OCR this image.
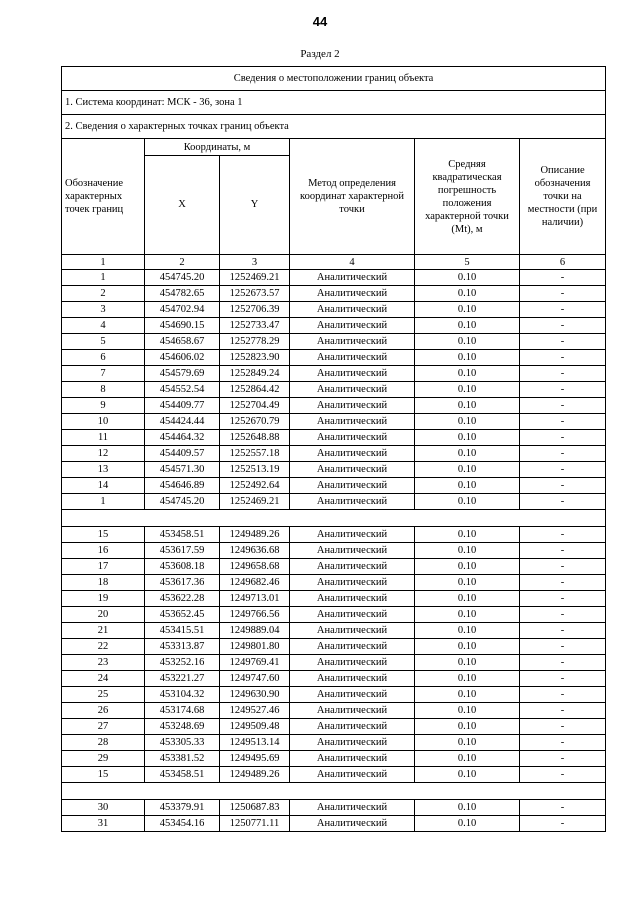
44
Раздел 2
Сведения о местоположении границ объекта					
1. Система координат: МСК - 36, зона 1					
2. Сведения о характерных точках границ объекта					
Обозначение характерных точек границ	Координаты, м		Метод определения координат характерной точки	Средняя квадратическая погрешность положения характерной точки (Mt), м	Описание обозначения точки на местности (при наличии)
	X	Y			
1	2	3	4	5	6
1	454745.20	1252469.21	Аналитический	0.10	-
2	454782.65	1252673.57	Аналитический	0.10	-
3	454702.94	1252706.39	Аналитический	0.10	-
4	454690.15	1252733.47	Аналитический	0.10	-
5	454658.67	1252778.29	Аналитический	0.10	-
6	454606.02	1252823.90	Аналитический	0.10	-
7	454579.69	1252849.24	Аналитический	0.10	-
8	454552.54	1252864.42	Аналитический	0.10	-
9	454409.77	1252704.49	Аналитический	0.10	-
10	454424.44	1252670.79	Аналитический	0.10	-
11	454464.32	1252648.88	Аналитический	0.10	-
12	454409.57	1252557.18	Аналитический	0.10	-
13	454571.30	1252513.19	Аналитический	0.10	-
14	454646.89	1252492.64	Аналитический	0.10	-
1	454745.20	1252469.21	Аналитический	0.10	-

15	453458.51	1249489.26	Аналитический	0.10	-
16	453617.59	1249636.68	Аналитический	0.10	-
17	453608.18	1249658.68	Аналитический	0.10	-
18	453617.36	1249682.46	Аналитический	0.10	-
19	453622.28	1249713.01	Аналитический	0.10	-
20	453652.45	1249766.56	Аналитический	0.10	-
21	453415.51	1249889.04	Аналитический	0.10	-
22	453313.87	1249801.80	Аналитический	0.10	-
23	453252.16	1249769.41	Аналитический	0.10	-
24	453221.27	1249747.60	Аналитический	0.10	-
25	453104.32	1249630.90	Аналитический	0.10	-
26	453174.68	1249527.46	Аналитический	0.10	-
27	453248.69	1249509.48	Аналитический	0.10	-
28	453305.33	1249513.14	Аналитический	0.10	-
29	453381.52	1249495.69	Аналитический	0.10	-
15	453458.51	1249489.26	Аналитический	0.10	-

30	453379.91	1250687.83	Аналитический	0.10	-
31	453454.16	1250771.11	Аналитический	0.10	-
